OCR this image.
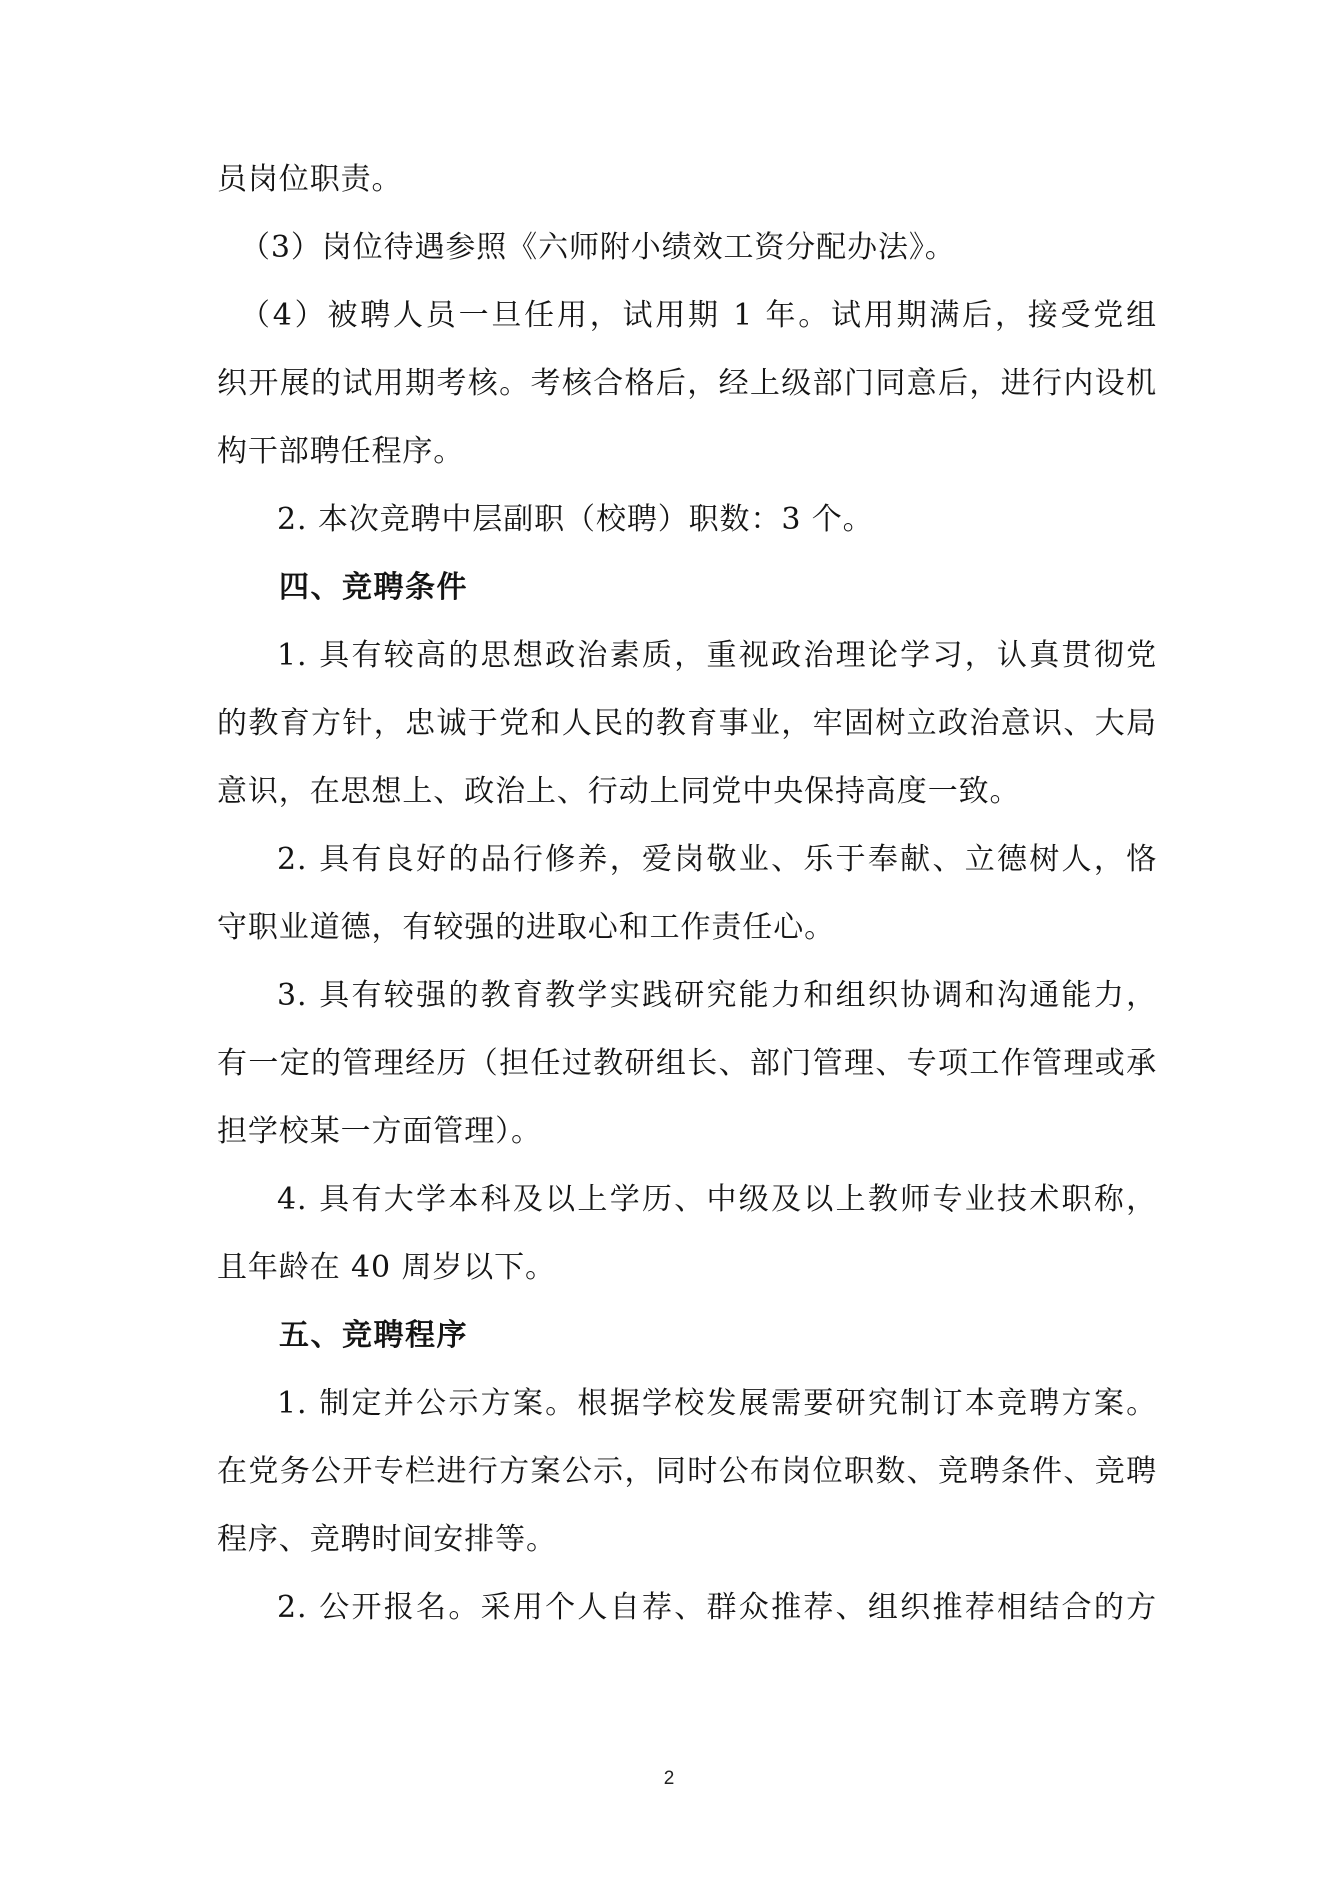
员岗位职责。
（3）岗位待遇参照《六师附小绩效工资分配办法》。
（4）被聘人员一旦任用，试用期 1 年。试用期满后，接受党组
织开展的试用期考核。考核合格后，经上级部门同意后，进行内设机
构干部聘任程序。
2. 本次竞聘中层副职（校聘）职数：3 个。
四、竞聘条件
1. 具有较高的思想政治素质，重视政治理论学习，认真贯彻党
的教育方针，忠诚于党和人民的教育事业，牢固树立政治意识、大局
意识，在思想上、政治上、行动上同党中央保持高度一致。
2. 具有良好的品行修养，爱岗敬业、乐于奉献、立德树人，恪
守职业道德，有较强的进取心和工作责任心。
3. 具有较强的教育教学实践研究能力和组织协调和沟通能力，
有一定的管理经历（担任过教研组长、部门管理、专项工作管理或承
担学校某一方面管理）。
4. 具有大学本科及以上学历、中级及以上教师专业技术职称，
且年龄在 40 周岁以下。
五、竞聘程序
1. 制定并公示方案。根据学校发展需要研究制订本竞聘方案。
在党务公开专栏进行方案公示，同时公布岗位职数、竞聘条件、竞聘
程序、竞聘时间安排等。
2. 公开报名。采用个人自荐、群众推荐、组织推荐相结合的方
2
